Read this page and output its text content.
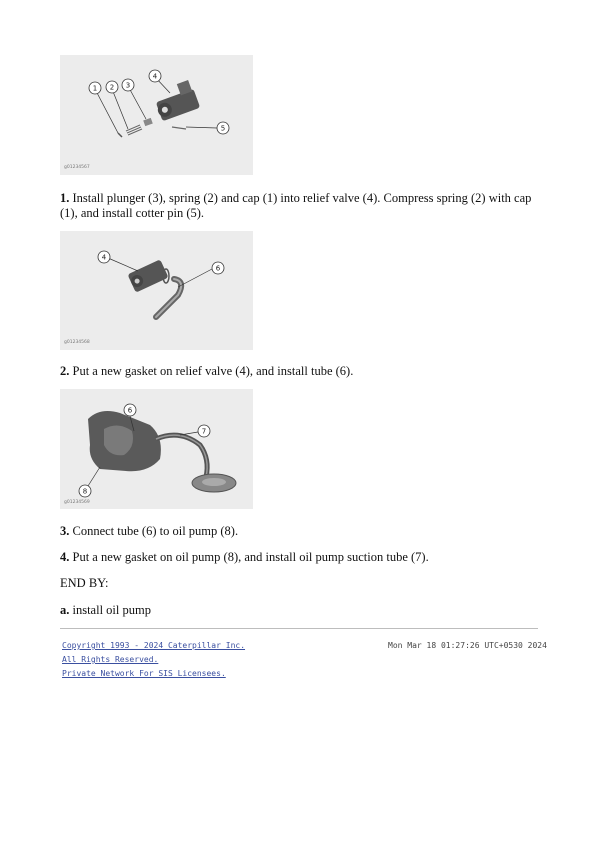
1 2 3
4
5
g01234567

1. Install plunger (3), spring (2) and cap (1) into relief valve (4). Compress spring (2) with cap (1), and install cotter pin (5).

4
6
g01234568

2. Put a new gasket on relief valve (4), and install tube (6).

6
7
8
g01234569

3. Connect tube (6) to oil pump (8).

4. Put a new gasket on oil pump (8), and install oil pump suction tube (7).

END BY:

a. install oil pump

Copyright 1993 - 2024 Caterpillar Inc.	Mon Mar 18 01:27:26 UTC+0530 2024
All Rights Reserved.
Private Network For SIS Licensees.
